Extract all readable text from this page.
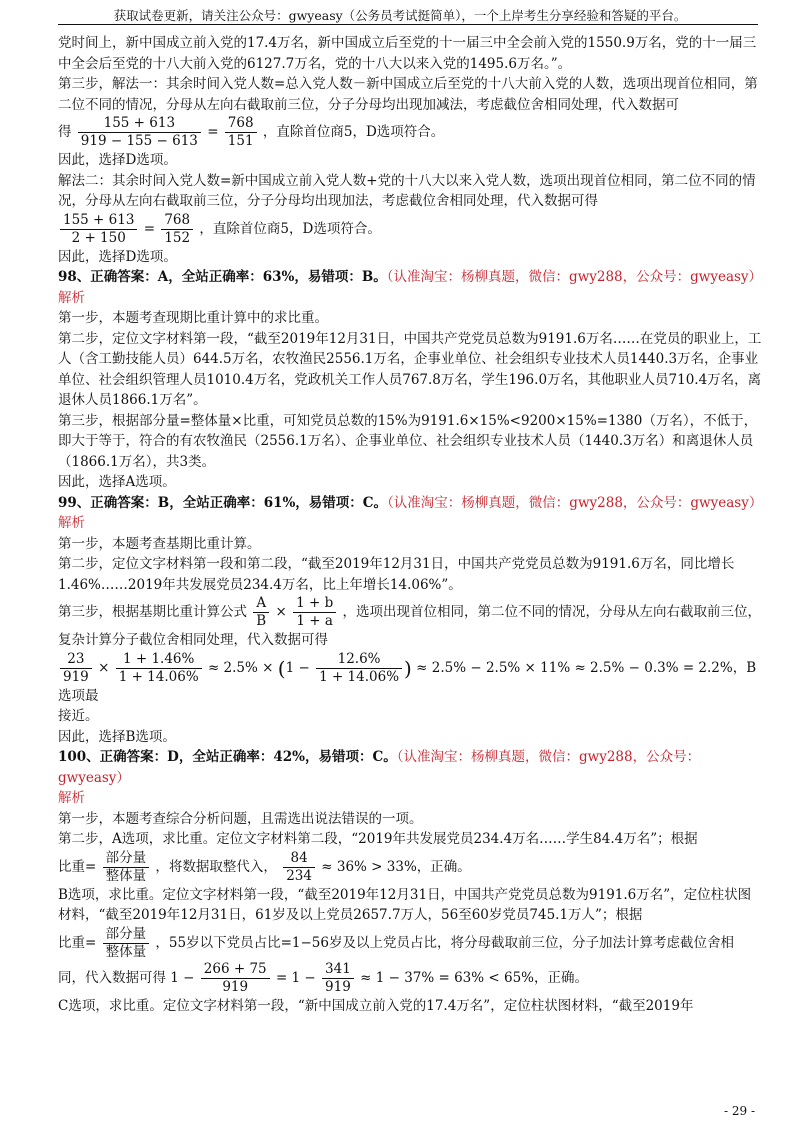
获取试卷更新，请关注公众号：gwyeasy（公务员考试挺简单），一个上岸考生分享经验和答疑的平台。

党时间上，新中国成立前入党的17.4万名，新中国成立后至党的十一届三中全会前入党的1550.9万名，党的十一届三中全会后至党的十八大前入党的6127.7万名，党的十八大以来入党的1495.6万名。”。

第三步，解法一：其余时间入党人数=总入党人数－新中国成立后至党的十八大前入党的人数，选项出现首位相同，第二位不同的情况，分母从左向右截取前三位，分子分母均出现加减法，考虑截位舍相同处理，代入数据可

得 $\frac{155 + 613}{919 - 155 - 613} = \frac{768}{151}$ ，直除首位商5，D选项符合。

因此，选择D选项。

解法二：其余时间入党人数=新中国成立前入党人数+党的十八大以来入党人数，选项出现首位相同，第二位不同的情况，分母从左向右截取前三位，分子分母均出现加法，考虑截位舍相同处理，代入数据可得

$\frac{155 + 613}{2 + 150} = \frac{768}{152}$ ，直除首位商5，D选项符合。

因此，选择D选项。

98、正确答案：A，全站正确率：63%，易错项：B。（认准淘宝：杨柳真题，微信：gwy288，公众号：gwyeasy）

解析

第一步，本题考查现期比重计算中的求比重。

第二步，定位文字材料第一段，“截至2019年12月31日，中国共产党党员总数为9191.6万名……在党员的职业上，工人（含工勤技能人员）644.5万名，农牧渔民2556.1万名，企事业单位、社会组织专业技术人员1440.3万名，企事业单位、社会组织管理人员1010.4万名，党政机关工作人员767.8万名，学生196.0万名，其他职业人员710.4万名，离退休人员1866.1万名”。

第三步，根据部分量=整体量×比重，可知党员总数的15%为9191.6×15%<9200×15%=1380（万名），不低于，即大于等于，符合的有农牧渔民（2556.1万名）、企事业单位、社会组织专业技术人员（1440.3万名）和离退休人员（1866.1万名），共3类。

因此，选择A选项。

99、正确答案：B，全站正确率：61%，易错项：C。（认准淘宝：杨柳真题，微信：gwy288，公众号：gwyeasy）

解析

第一步，本题考查基期比重计算。

第二步，定位文字材料第一段和第二段，“截至2019年12月31日，中国共产党党员总数为9191.6万名，同比增长1.46%……2019年共发展党员234.4万名，比上年增长14.06%”。

第三步，根据基期比重计算公式 $\frac{A}{B} \times \frac{1 + b}{1 + a}$ ，选项出现首位相同，第二位不同的情况，分母从左向右截取前三位，复杂计算分子截位舍相同处理，代入数据可得

$\frac{23}{919} \times \frac{1 + 1.46\%}{1 + 14.06\%} \approx 2.5\% \times (1 - \frac{12.6\%}{1 + 14.06\%}$ ) ≈ 2.5% − 2.5% × 11% ≈ 2.5% − 0.3% = 2.2%，B选项最

接近。

因此，选择B选项。

100、正确答案：D，全站正确率：42%，易错项：C。（认准淘宝：杨柳真题，微信：gwy288，公众号：gwyeasy）

解析

第一步，本题考查综合分析问题，且需选出说法错误的一项。

第二步，A选项，求比重。定位文字材料第二段，“2019年共发展党员234.4万名……学生84.4万名”；根据

比重= $\frac{\text{部分量}}{\text{整体量}}$ ，将数据取整代入， $\frac{84}{234} \approx 36\% > 33\%$，正确。

B选项，求比重。定位文字材料第一段，“截至2019年12月31日，中国共产党党员总数为9191.6万名”，定位柱状图材料，“截至2019年12月31日，61岁及以上党员2657.7万人，56至60岁党员745.1万人”；根据

比重= $\frac{\text{部分量}}{\text{整体量}}$ ，55岁以下党员占比=1−56岁及以上党员占比，将分母截取前三位，分子加法计算考虑截位舍相

同，代入数据可得 $1 - \frac{266 + 75}{919} = 1 - \frac{341}{919} \approx 1 - 37\% = 63\% < 65\%$，正确。

C选项，求比重。定位文字材料第一段，“新中国成立前入党的17.4万名”，定位柱状图材料，“截至2019年

- 29 -
